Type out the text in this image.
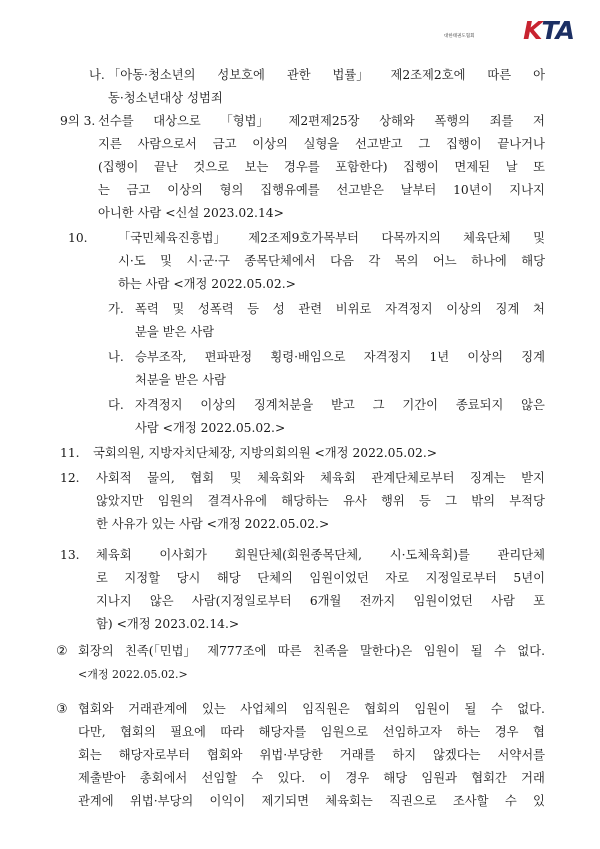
대한태권도협회 KTA
나. 「아동·청소년의 성보호에 관한 법률」 제2조제2호에 따른 아
동·청소년대상 성범죄
9의 3. 선수를 대상으로 「형법」 제2편제25장 상해와 폭행의 죄를 저
지른 사람으로서 금고 이상의 실형을 선고받고 그 집행이 끝나거나
(집행이 끝난 것으로 보는 경우를 포함한다) 집행이 면제된 날 또
는 금고 이상의 형의 집행유예를 선고받은 날부터 10년이 지나지
아니한 사람 <신설 2023.02.14>
10. 「국민체육진흥법」 제2조제9호가목부터 다목까지의 체육단체 및
시·도 및 시·군·구 종목단체에서 다음 각 목의 어느 하나에 해당
하는 사람 <개정 2022.05.02.>
가. 폭력 및 성폭력 등 성 관련 비위로 자격정지 이상의 징계 처
분을 받은 사람
나. 승부조작, 편파판정 횡령·배임으로 자격정지 1년 이상의 징계
처분을 받은 사람
다. 자격정지 이상의 징계처분을 받고 그 기간이 종료되지 않은
사람 <개정 2022.05.02.>
11. 국회의원, 지방자치단체장, 지방의회의원 <개정 2022.05.02.>
12. 사회적 물의, 협회 및 체육회와 체육회 관계단체로부터 징계는 받지
않았지만 임원의 결격사유에 해당하는 유사 행위 등 그 밖의 부적당
한 사유가 있는 사람 <개정 2022.05.02.>
13. 체육회 이사회가 회원단체(회원종목단체, 시·도체육회)를 관리단체
로 지정할 당시 해당 단체의 임원이었던 자로 지정일로부터 5년이
지나지 않은 사람(지정일로부터 6개월 전까지 임원이었던 사람 포
함) <개정 2023.02.14.>
② 회장의 친족(「민법」 제777조에 따른 친족을 말한다)은 임원이 될 수 없다.
<개정 2022.05.02.>
③ 협회와 거래관계에 있는 사업체의 임직원은 협회의 임원이 될 수 없다.
다만, 협회의 필요에 따라 해당자를 임원으로 선임하고자 하는 경우 협
회는 해당자로부터 협회와 위법·부당한 거래를 하지 않겠다는 서약서를
제출받아 총회에서 선임할 수 있다. 이 경우 해당 임원과 협회간 거래
관계에 위법·부당의 이익이 제기되면 체육회는 직권으로 조사할 수 있
